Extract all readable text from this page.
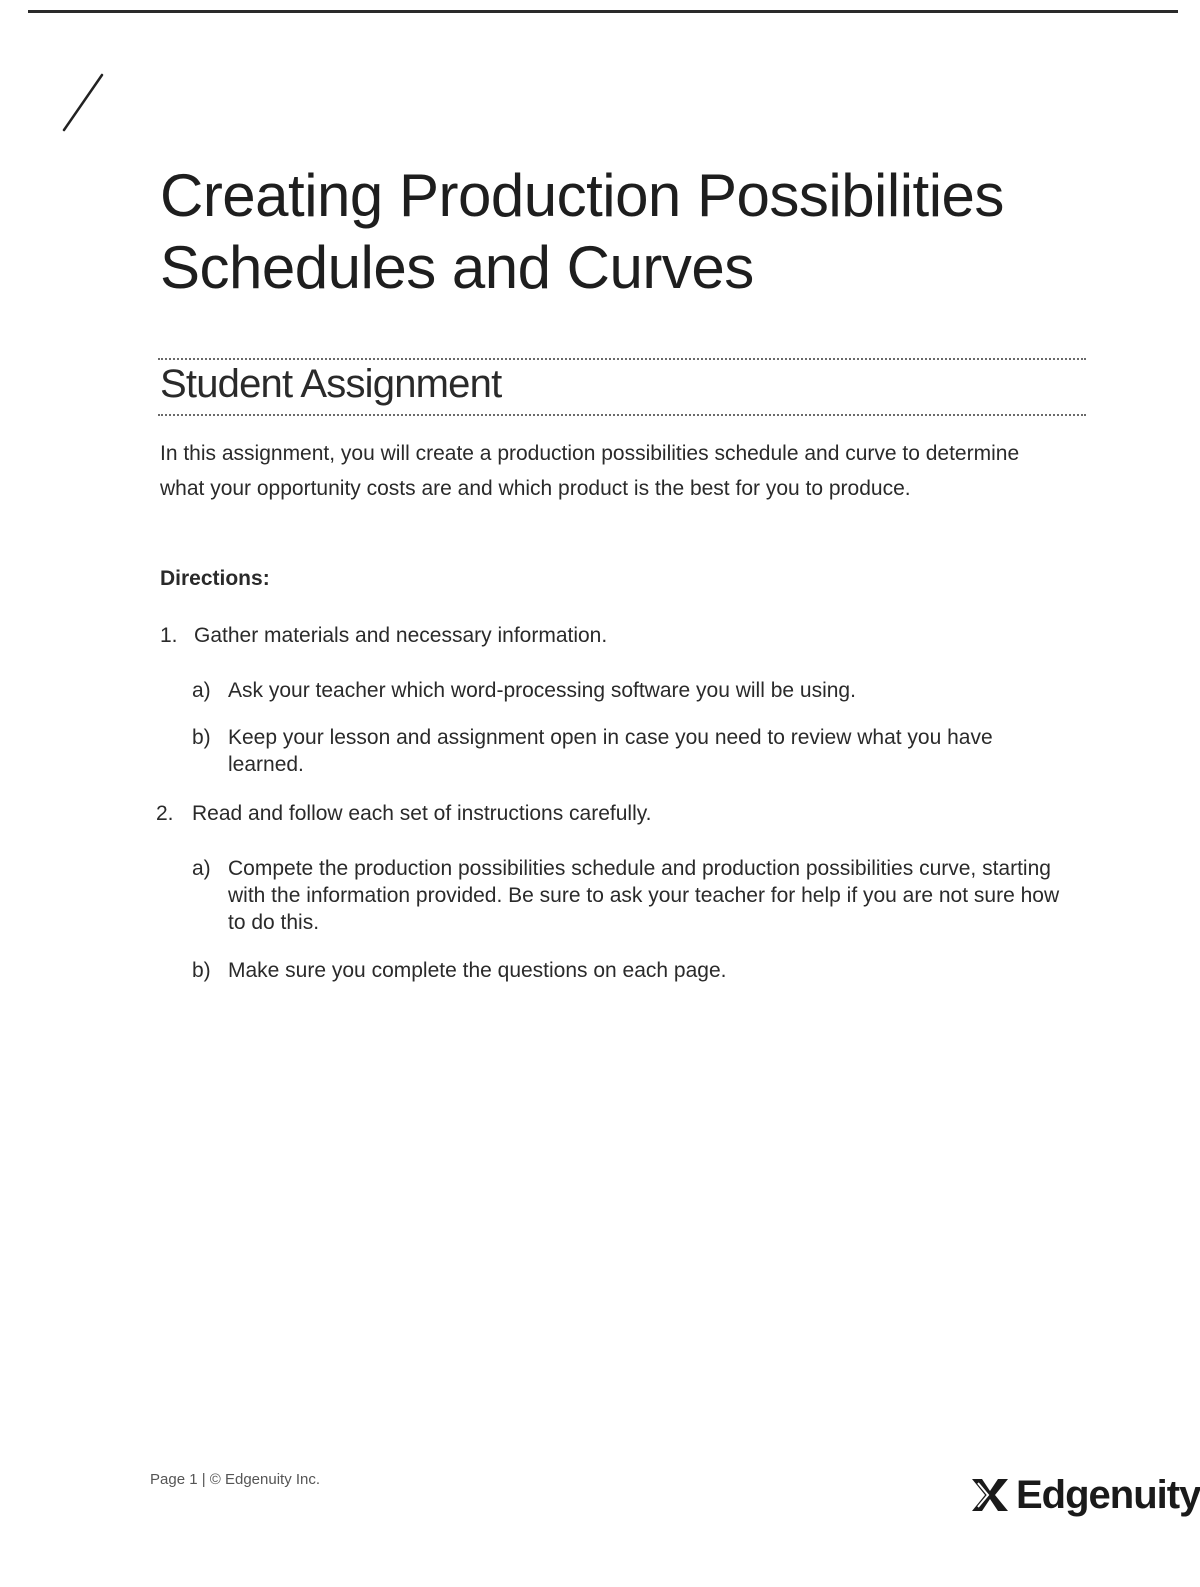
Creating Production Possibilities
Schedules and Curves
Student Assignment

In this assignment, you will create a production possibilities schedule and curve to determine what your opportunity costs are and which product is the best for you to produce.

Directions:

1. Gather materials and necessary information.
a) Ask your teacher which word-processing software you will be using.
b) Keep your lesson and assignment open in case you need to review what you have learned.
2. Read and follow each set of instructions carefully.
a) Compete the production possibilities schedule and production possibilities curve, starting with the information provided. Be sure to ask your teacher for help if you are not sure how to do this.
b) Make sure you complete the questions on each page.
Page 1 | © Edgenuity Inc.	Edgenuity
